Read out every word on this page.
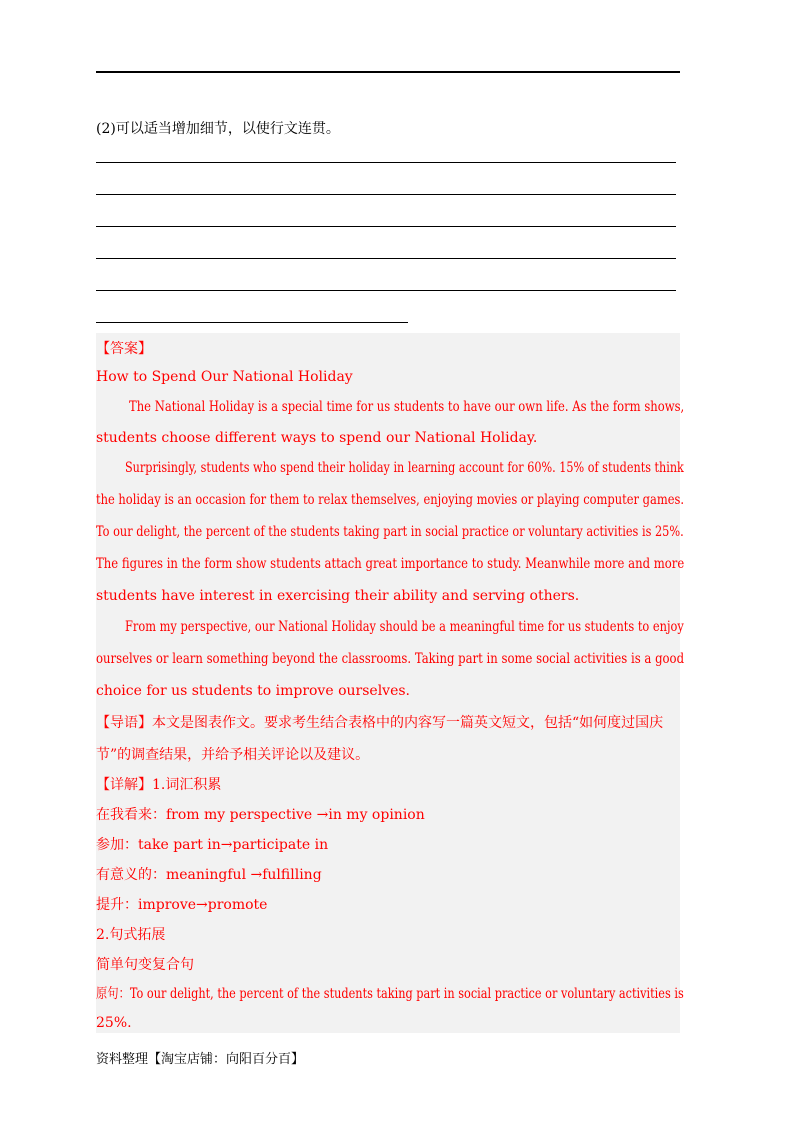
(2)可以适当增加细节，以使行文连贯。
【答案】
How to Spend Our National Holiday
The National Holiday is a special time for us students to have our own life. As the form shows,
students choose different ways to spend our National Holiday.
Surprisingly, students who spend their holiday in learning account for 60%. 15% of students think
the holiday is an occasion for them to relax themselves, enjoying movies or playing computer games.
To our delight, the percent of the students taking part in social practice or voluntary activities is 25%.
The figures in the form show students attach great importance to study. Meanwhile more and more
students have interest in exercising their ability and serving others.
From my perspective, our National Holiday should be a meaningful time for us students to enjoy
ourselves or learn something beyond the classrooms. Taking part in some social activities is a good
choice for us students to improve ourselves.
【导语】本文是图表作文。要求考生结合表格中的内容写一篇英文短文，包括“如何度过国庆
节”的调查结果，并给予相关评论以及建议。
【详解】1.词汇积累
在我看来：from my perspective →in my opinion
参加：take part in→participate in
有意义的：meaningful →fulfilling
提升：improve→promote
2.句式拓展
简单句变复合句
原句：To our delight, the percent of the students taking part in social practice or voluntary activities is
25%.
资料整理【淘宝店铺：向阳百分百】
